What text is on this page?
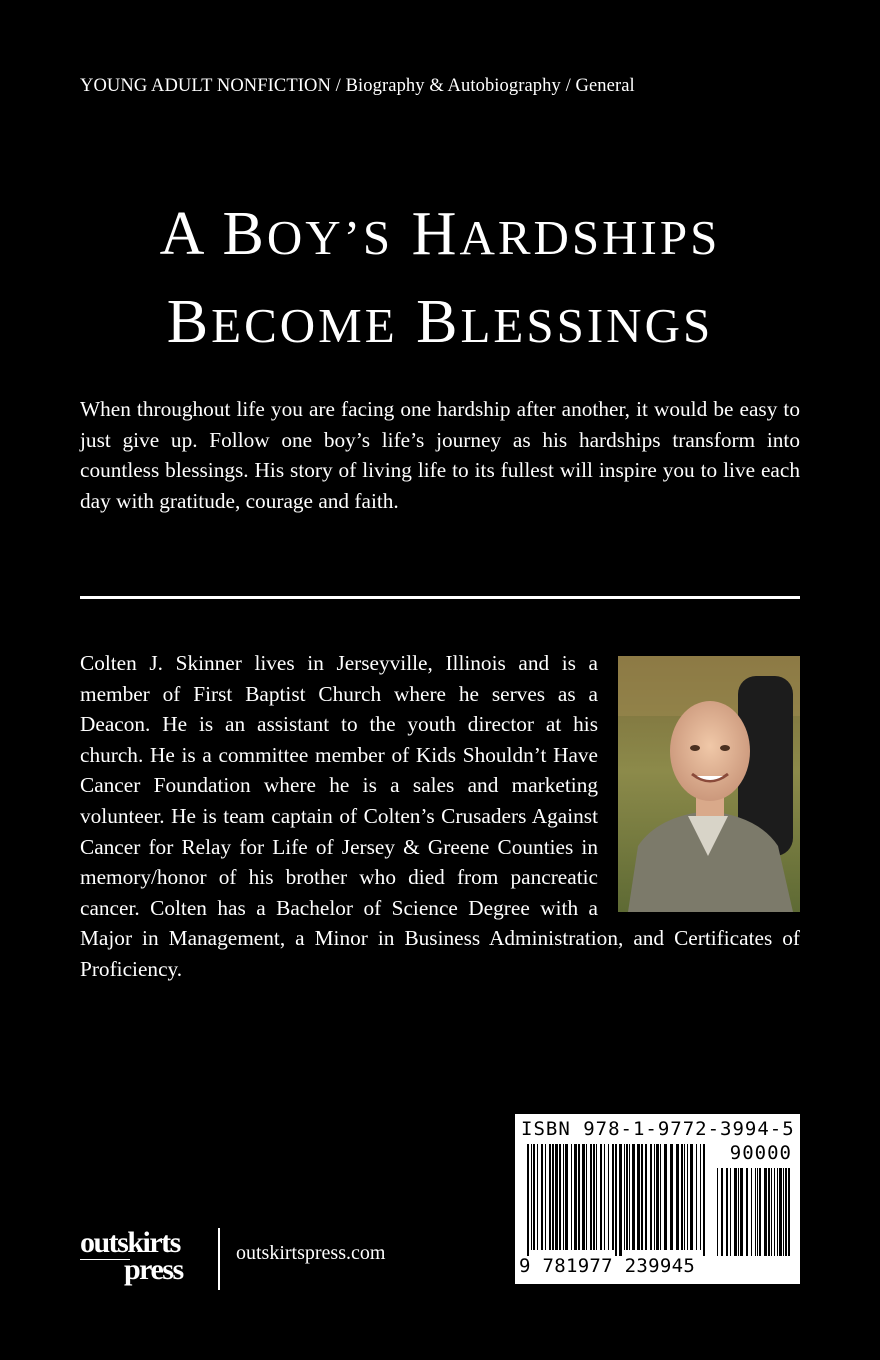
YOUNG ADULT NONFICTION / Biography & Autobiography / General
A BOY’S HARDSHIPS
BECOME BLESSINGS

When throughout life you are facing one hardship after another, it would be easy to just give up. Follow one boy’s life’s journey as his hardships transform into countless blessings. His story of living life to its fullest will inspire you to live each day with gratitude, courage and faith.

Colten J. Skinner lives in Jerseyville, Illinois and is a member of First Baptist Church where he serves as a Deacon. He is an assistant to the youth director at his church. He is a committee member of Kids Shouldn’t Have Cancer Foundation where he is a sales and marketing volunteer. He is team captain of Colten’s Crusaders Against Cancer for Relay for Life of Jersey & Greene Counties in memory/honor of his brother who died from pancreatic cancer. Colten has a Bachelor of Science Degree with a Major in Management, a Minor in Business Administration, and Certificates of Proficiency.
ISBN 978-1-9772-3994-5
90000
9 781977 239945
outskirts
press	outskirtspress.com
